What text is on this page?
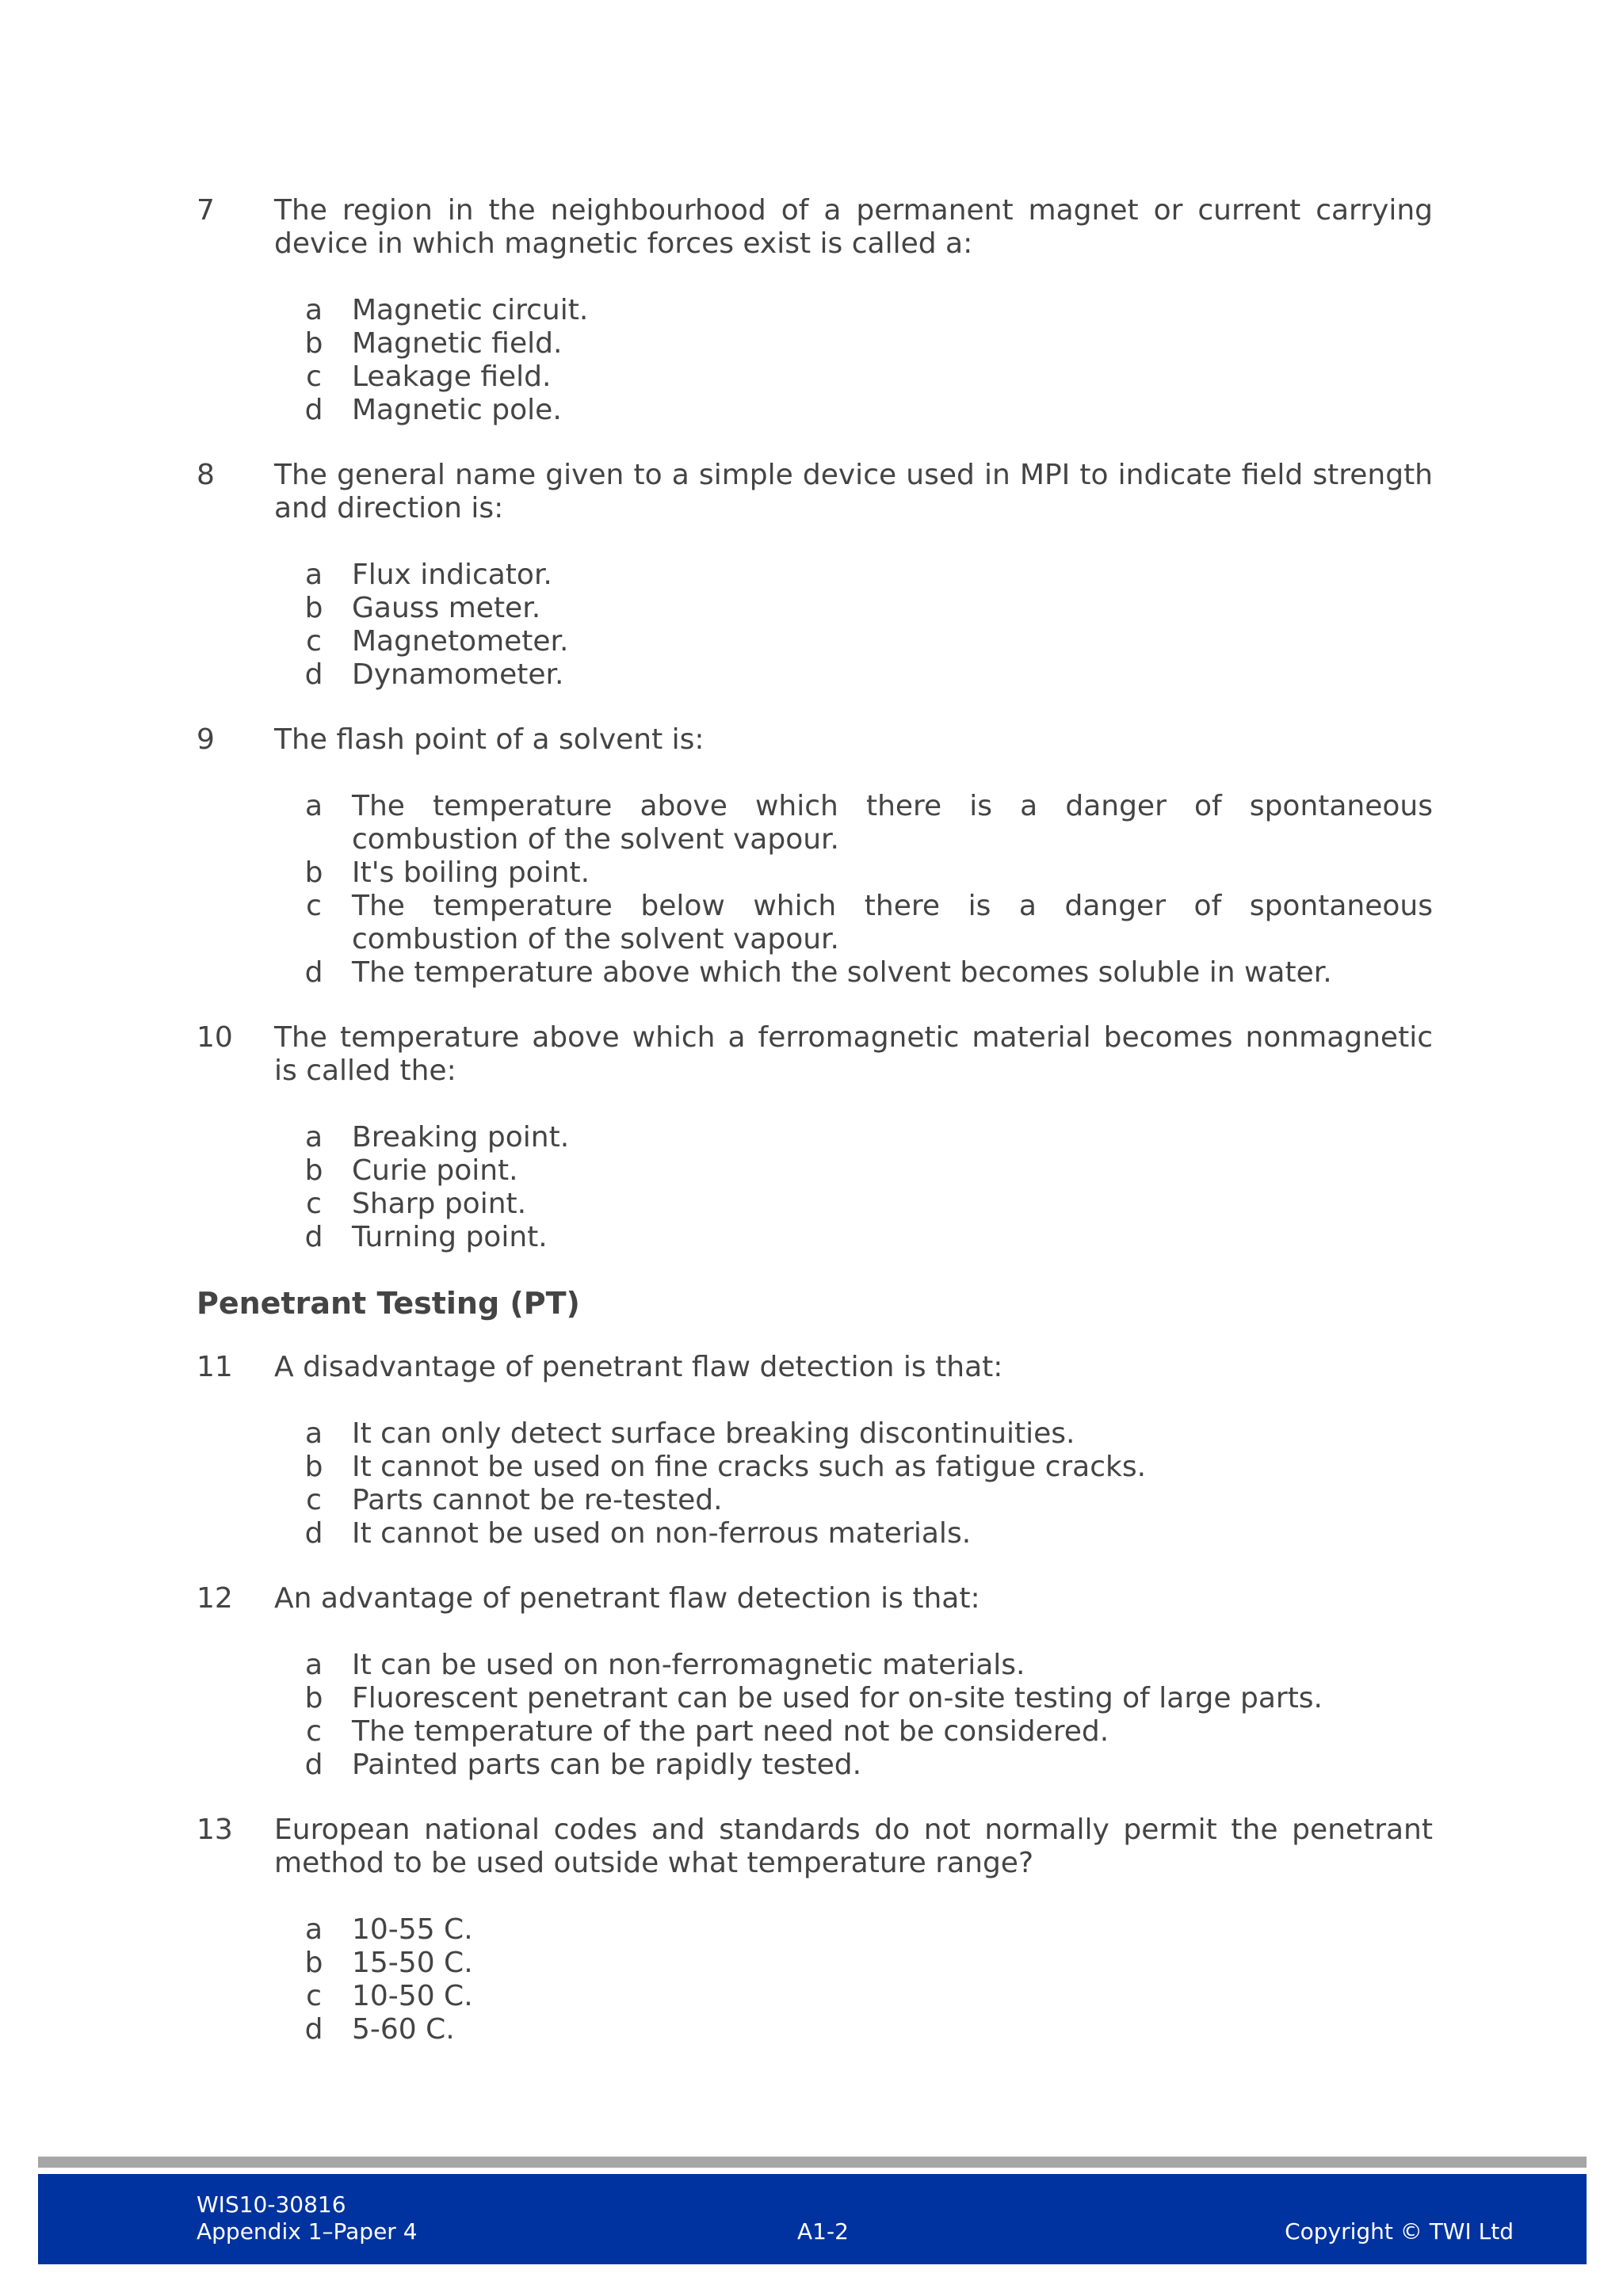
7 The region in the neighbourhood of a permanent magnet or current carrying device in which magnetic forces exist is called a:
a Magnetic circuit.
b Magnetic field.
c Leakage field.
d Magnetic pole.
8 The general name given to a simple device used in MPI to indicate field strength and direction is:
a Flux indicator.
b Gauss meter.
c Magnetometer.
d Dynamometer.
9 The flash point of a solvent is:
a The temperature above which there is a danger of spontaneous combustion of the solvent vapour.
b It's boiling point.
c The temperature below which there is a danger of spontaneous combustion of the solvent vapour.
d The temperature above which the solvent becomes soluble in water.
10 The temperature above which a ferromagnetic material becomes nonmagnetic is called the:
a Breaking point.
b Curie point.
c Sharp point.
d Turning point.
Penetrant Testing (PT)
11 A disadvantage of penetrant flaw detection is that:
a It can only detect surface breaking discontinuities.
b It cannot be used on fine cracks such as fatigue cracks.
c Parts cannot be re-tested.
d It cannot be used on non-ferrous materials.
12 An advantage of penetrant flaw detection is that:
a It can be used on non-ferromagnetic materials.
b Fluorescent penetrant can be used for on-site testing of large parts.
c The temperature of the part need not be considered.
d Painted parts can be rapidly tested.
13 European national codes and standards do not normally permit the penetrant method to be used outside what temperature range?
a 10-55 C.
b 15-50 C.
c 10-50 C.
d 5-60 C.
WIS10-30816
Appendix 1–Paper 4	A1-2	Copyright © TWI Ltd
